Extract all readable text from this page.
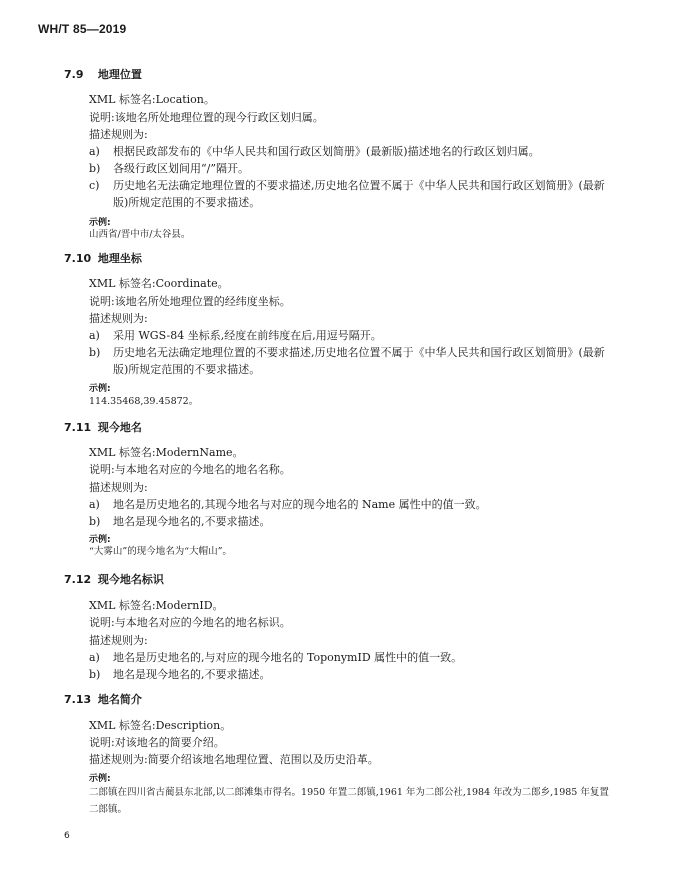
WH/T 85—2019
7.9 地理位置
XML 标签名:Location。
说明:该地名所处地理位置的现今行政区划归属。
描述规则为:
a)	根据民政部发布的《中华人民共和国行政区划简册》(最新版)描述地名的行政区划归属。
b)	各级行政区划间用“/”隔开。
c)	历史地名无法确定地理位置的不要求描述,历史地名位置不属于《中华人民共和国行政区划简册》(最新版)所规定范围的不要求描述。
示例:
山西省/晋中市/太谷县。
7.10 地理坐标
XML 标签名:Coordinate。
说明:该地名所处地理位置的经纬度坐标。
描述规则为:
a)	采用 WGS-84 坐标系,经度在前纬度在后,用逗号隔开。
b)	历史地名无法确定地理位置的不要求描述,历史地名位置不属于《中华人民共和国行政区划简册》(最新版)所规定范围的不要求描述。
示例:
114.35468,39.45872。
7.11 现今地名
XML 标签名:ModernName。
说明:与本地名对应的今地名的地名名称。
描述规则为:
a)	地名是历史地名的,其现今地名与对应的现今地名的 Name 属性中的值一致。
b)	地名是现今地名的,不要求描述。
示例:
“大雾山”的现今地名为“大帽山”。
7.12 现今地名标识
XML 标签名:ModernID。
说明:与本地名对应的今地名的地名标识。
描述规则为:
a)	地名是历史地名的,与对应的现今地名的 ToponymID 属性中的值一致。
b)	地名是现今地名的,不要求描述。
7.13 地名简介
XML 标签名:Description。
说明:对该地名的简要介绍。
描述规则为:简要介绍该地名地理位置、范围以及历史沿革。
示例:
二郎镇在四川省古蔺县东北部,以二郎滩集市得名。1950 年置二郎镇,1961 年为二郎公社,1984 年改为二郎乡,1985 年复置二郎镇。
6
